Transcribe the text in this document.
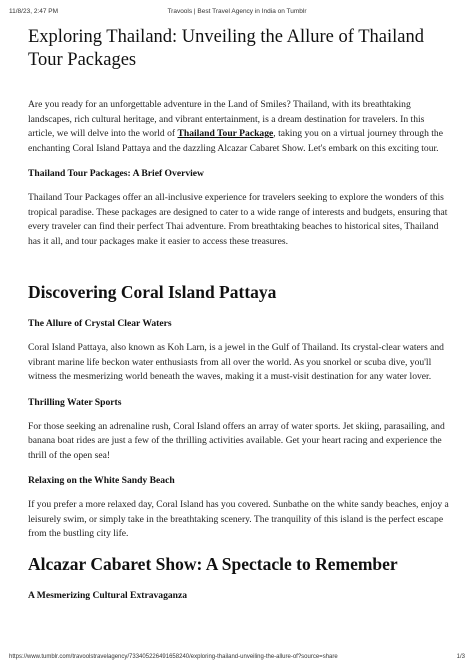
11/8/23, 2:47 PM	Travools | Best Travel Agency in India on Tumblr
Exploring Thailand: Unveiling the Allure of Thailand Tour Packages

Are you ready for an unforgettable adventure in the Land of Smiles? Thailand, with its breathtaking landscapes, rich cultural heritage, and vibrant entertainment, is a dream destination for travelers. In this article, we will delve into the world of Thailand Tour Package, taking you on a virtual journey through the enchanting Coral Island Pattaya and the dazzling Alcazar Cabaret Show. Let's embark on this exciting tour.

Thailand Tour Packages: A Brief Overview

Thailand Tour Packages offer an all-inclusive experience for travelers seeking to explore the wonders of this tropical paradise. These packages are designed to cater to a wide range of interests and budgets, ensuring that every traveler can find their perfect Thai adventure. From breathtaking beaches to historical sites, Thailand has it all, and tour packages make it easier to access these treasures.

Discovering Coral Island Pattaya
The Allure of Crystal Clear Waters

Coral Island Pattaya, also known as Koh Larn, is a jewel in the Gulf of Thailand. Its crystal-clear waters and vibrant marine life beckon water enthusiasts from all over the world. As you snorkel or scuba dive, you'll witness the mesmerizing world beneath the waves, making it a must-visit destination for any water lover.

Thrilling Water Sports

For those seeking an adrenaline rush, Coral Island offers an array of water sports. Jet skiing, parasailing, and banana boat rides are just a few of the thrilling activities available. Get your heart racing and experience the thrill of the open sea!

Relaxing on the White Sandy Beach

If you prefer a more relaxed day, Coral Island has you covered. Sunbathe on the white sandy beaches, enjoy a leisurely swim, or simply take in the breathtaking scenery. The tranquility of this island is the perfect escape from the bustling city life.

Alcazar Cabaret Show: A Spectacle to Remember
A Mesmerizing Cultural Extravaganza
https://www.tumblr.com/travoolstravelagency/733405226491658240/exploring-thailand-unveiling-the-allure-of?source=share	1/3
